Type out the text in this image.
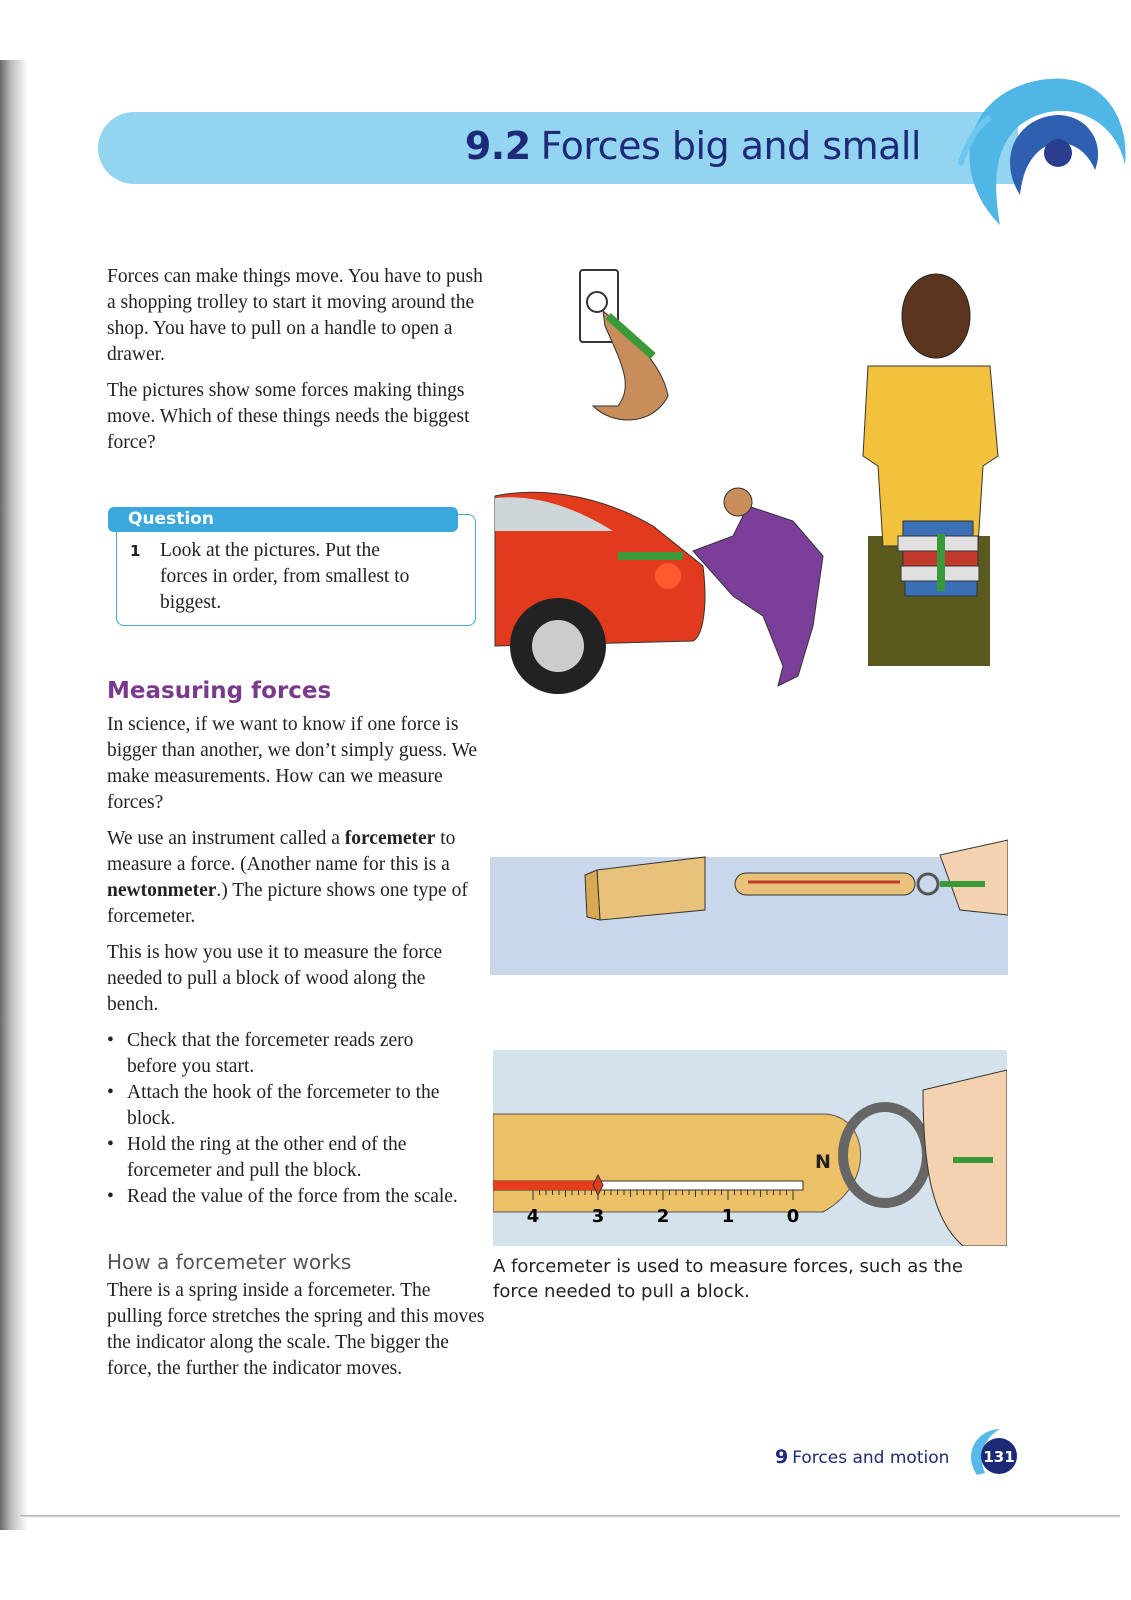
9.2 Forces big and small

Forces can make things move. You have to push a shopping trolley to start it moving around the shop. You have to pull on a handle to open a drawer.

The pictures show some forces making things move. Which of these things needs the biggest force?

Question
1 Look at the pictures. Put the forces in order, from smallest to biggest.
Measuring forces

In science, if we want to know if one force is bigger than another, we don’t simply guess. We make measurements. How can we measure forces?

We use an instrument called a forcemeter to measure a force. (Another name for this is a newtonmeter.) The picture shows one type of forcemeter.

This is how you use it to measure the force needed to pull a block of wood along the bench.

• Check that the forcemeter reads zero before you start.
• Attach the hook of the forcemeter to the block.
• Hold the ring at the other end of the forcemeter and pull the block.
• Read the value of the force from the scale.
How a forcemeter works

There is a spring inside a forcemeter. The pulling force stretches the spring and this moves the indicator along the scale. The bigger the force, the further the indicator moves.

4	3	2	1	0
N
A forcemeter is used to measure forces, such as the force needed to pull a block.
9 Forces and motion 131
